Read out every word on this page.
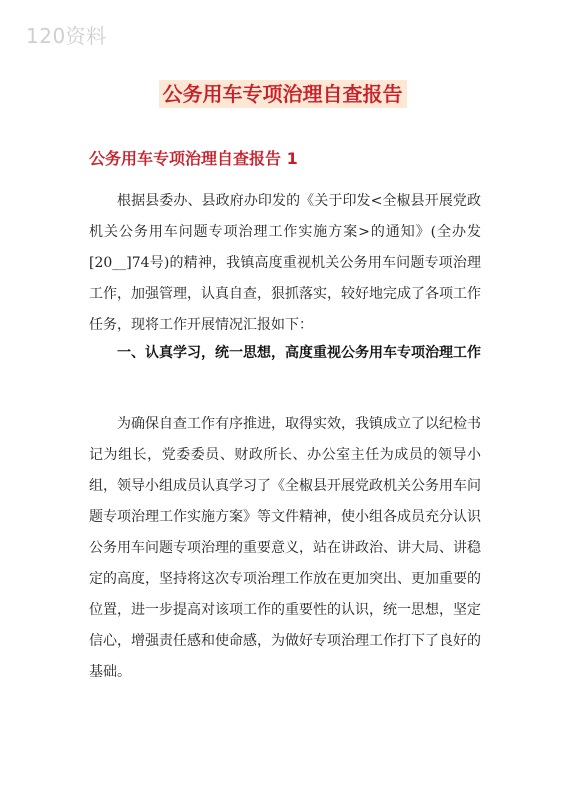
120资料
公务用车专项治理自查报告
公务用车专项治理自查报告 1

根据县委办、县政府办印发的《关于印发<全椒县开展党政机关公务用车问题专项治理工作实施方案>的通知》(全办发[20__]74号)的精神，我镇高度重视机关公务用车问题专项治理工作，加强管理，认真自查，狠抓落实，较好地完成了各项工作任务，现将工作开展情况汇报如下：

一、认真学习，统一思想，高度重视公务用车专项治理工作

为确保自查工作有序推进，取得实效，我镇成立了以纪检书记为组长，党委委员、财政所长、办公室主任为成员的领导小组，领导小组成员认真学习了《全椒县开展党政机关公务用车问题专项治理工作实施方案》等文件精神，使小组各成员充分认识公务用车问题专项治理的重要意义，站在讲政治、讲大局、讲稳定的高度，坚持将这次专项治理工作放在更加突出、更加重要的位置，进一步提高对该项工作的重要性的认识，统一思想，坚定信心，增强责任感和使命感，为做好专项治理工作打下了良好的基础。
